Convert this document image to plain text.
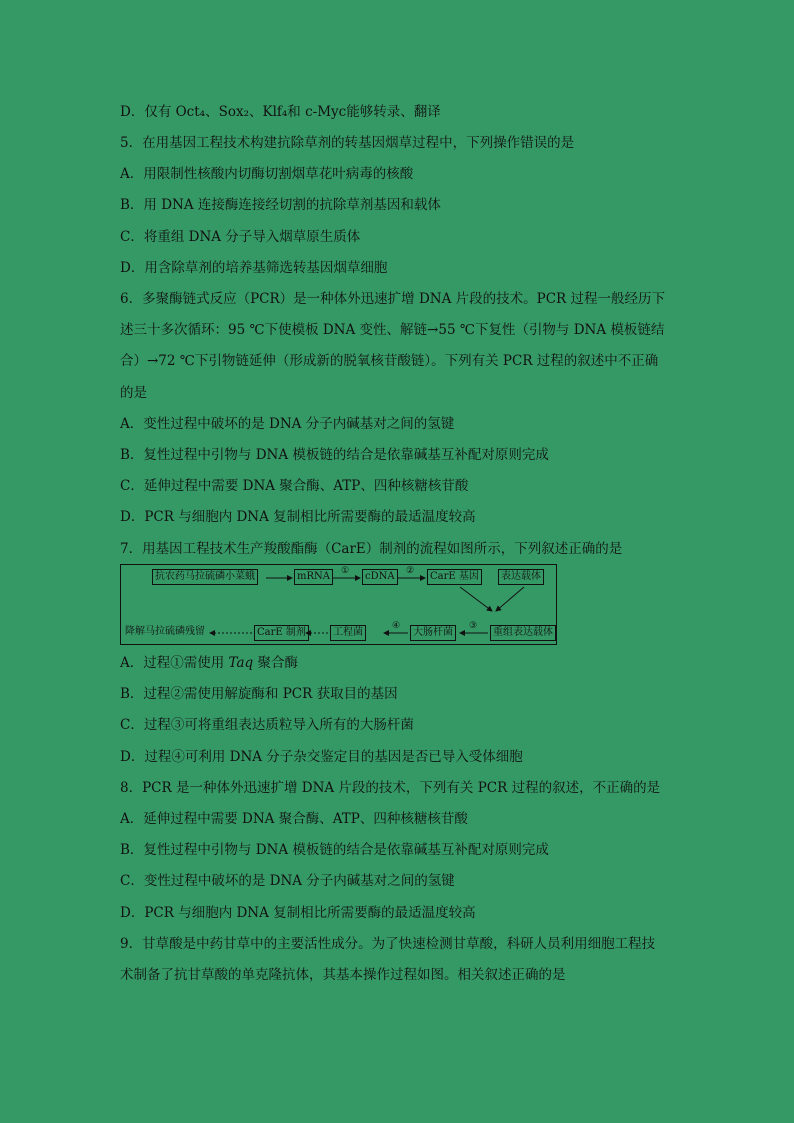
D．仅有 Oct₄、Sox₂、Klf₄和 c-Myc能够转录、翻译
5．在用基因工程技术构建抗除草剂的转基因烟草过程中，下列操作错误的是
A．用限制性核酸内切酶切割烟草花叶病毒的核酸
B．用 DNA 连接酶连接经切割的抗除草剂基因和载体
C．将重组 DNA 分子导入烟草原生质体
D．用含除草剂的培养基筛选转基因烟草细胞
6．多聚酶链式反应（PCR）是一种体外迅速扩增 DNA 片段的技术。PCR 过程一般经历下
述三十多次循环：95 ℃下使模板 DNA 变性、解链→55 ℃下复性（引物与 DNA 模板链结
合）→72 ℃下引物链延伸（形成新的脱氧核苷酸链）。下列有关 PCR 过程的叙述中不正确
的是
A．变性过程中破坏的是 DNA 分子内碱基对之间的氢键
B．复性过程中引物与 DNA 模板链的结合是依靠碱基互补配对原则完成
C．延伸过程中需要 DNA 聚合酶、ATP、四种核糖核苷酸
D．PCR 与细胞内 DNA 复制相比所需要酶的最适温度较高
7．用基因工程技术生产羧酸酯酶（CarE）制剂的流程如图所示，下列叙述正确的是
抗农药马拉硫磷小菜蛾	mRNA	cDNA	CarE 基因	表达载体
重组表达载体
大肠杆菌
工程菌
CarE 制剂
降解马拉硫磷残留
①	②
③
④
A．过程①需使用 Taq 聚合酶
B．过程②需使用解旋酶和 PCR 获取目的基因
C．过程③可将重组表达质粒导入所有的大肠杆菌
D．过程④可利用 DNA 分子杂交鉴定目的基因是否已导入受体细胞
8．PCR 是一种体外迅速扩增 DNA 片段的技术，下列有关 PCR 过程的叙述，不正确的是
A．延伸过程中需要 DNA 聚合酶、ATP、四种核糖核苷酸
B．复性过程中引物与 DNA 模板链的结合是依靠碱基互补配对原则完成
C．变性过程中破坏的是 DNA 分子内碱基对之间的氢键
D．PCR 与细胞内 DNA 复制相比所需要酶的最适温度较高
9．甘草酸是中药甘草中的主要活性成分。为了快速检测甘草酸，科研人员利用细胞工程技
术制备了抗甘草酸的单克隆抗体，其基本操作过程如图。相关叙述正确的是
